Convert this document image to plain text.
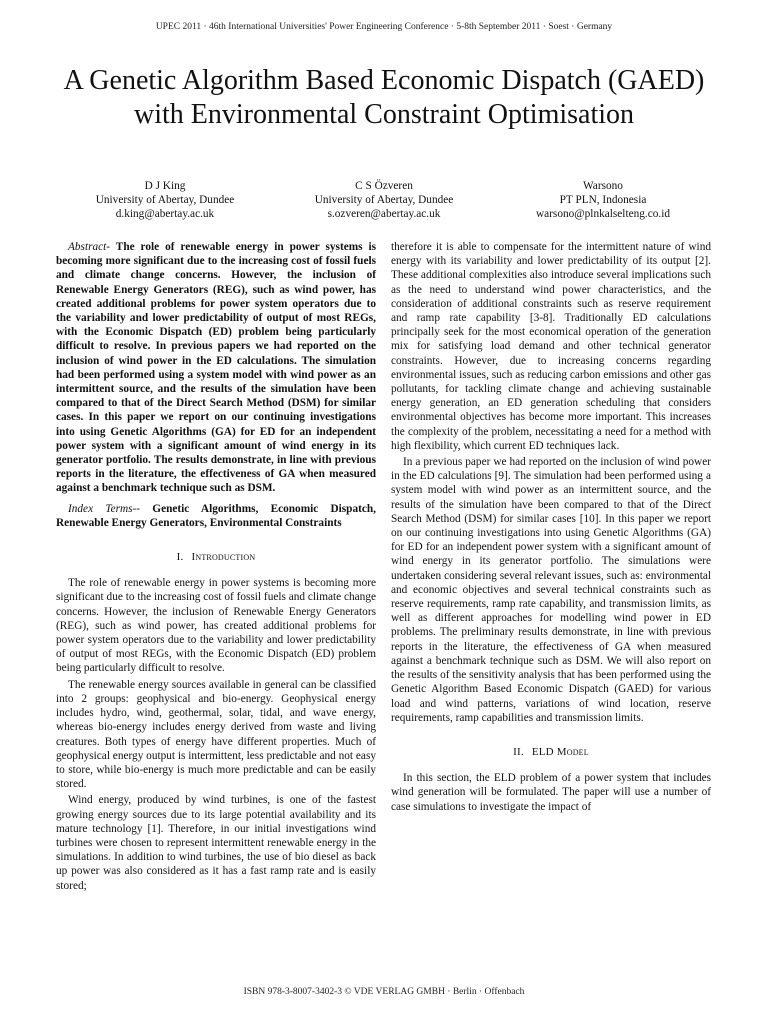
UPEC 2011 · 46th International Universities' Power Engineering Conference · 5-8th September 2011 · Soest · Germany
A Genetic Algorithm Based Economic Dispatch (GAED) with Environmental Constraint Optimisation
D J King
University of Abertay, Dundee
d.king@abertay.ac.uk
C S Özveren
University of Abertay, Dundee
s.ozveren@abertay.ac.uk
Warsono
PT PLN, Indonesia
warsono@plnkalselteng.co.id

Abstract- The role of renewable energy in power systems is becoming more significant due to the increasing cost of fossil fuels and climate change concerns. However, the inclusion of Renewable Energy Generators (REG), such as wind power, has created additional problems for power system operators due to the variability and lower predictability of output of most REGs, with the Economic Dispatch (ED) problem being particularly difficult to resolve. In previous papers we had reported on the inclusion of wind power in the ED calculations. The simulation had been performed using a system model with wind power as an intermittent source, and the results of the simulation have been compared to that of the Direct Search Method (DSM) for similar cases. In this paper we report on our continuing investigations into using Genetic Algorithms (GA) for ED for an independent power system with a significant amount of wind energy in its generator portfolio. The results demonstrate, in line with previous reports in the literature, the effectiveness of GA when measured against a benchmark technique such as DSM.

Index Terms-- Genetic Algorithms, Economic Dispatch, Renewable Energy Generators, Environmental Constraints

I. Introduction

The role of renewable energy in power systems is becoming more significant due to the increasing cost of fossil fuels and climate change concerns. However, the inclusion of Renewable Energy Generators (REG), such as wind power, has created additional problems for power system operators due to the variability and lower predictability of output of most REGs, with the Economic Dispatch (ED) problem being particularly difficult to resolve.

The renewable energy sources available in general can be classified into 2 groups: geophysical and bio-energy. Geophysical energy includes hydro, wind, geothermal, solar, tidal, and wave energy, whereas bio-energy includes energy derived from waste and living creatures. Both types of energy have different properties. Much of geophysical energy output is intermittent, less predictable and not easy to store, while bio-energy is much more predictable and can be easily stored.

Wind energy, produced by wind turbines, is one of the fastest growing energy sources due to its large potential availability and its mature technology [1]. Therefore, in our initial investigations wind turbines were chosen to represent intermittent renewable energy in the simulations. In addition to wind turbines, the use of bio diesel as back up power was also considered as it has a fast ramp rate and is easily stored;

therefore it is able to compensate for the intermittent nature of wind energy with its variability and lower predictability of its output [2]. These additional complexities also introduce several implications such as the need to understand wind power characteristics, and the consideration of additional constraints such as reserve requirement and ramp rate capability [3-8]. Traditionally ED calculations principally seek for the most economical operation of the generation mix for satisfying load demand and other technical generator constraints. However, due to increasing concerns regarding environmental issues, such as reducing carbon emissions and other gas pollutants, for tackling climate change and achieving sustainable energy generation, an ED generation scheduling that considers environmental objectives has become more important. This increases the complexity of the problem, necessitating a need for a method with high flexibility, which current ED techniques lack.

In a previous paper we had reported on the inclusion of wind power in the ED calculations [9]. The simulation had been performed using a system model with wind power as an intermittent source, and the results of the simulation have been compared to that of the Direct Search Method (DSM) for similar cases [10]. In this paper we report on our continuing investigations into using Genetic Algorithms (GA) for ED for an independent power system with a significant amount of wind energy in its generator portfolio. The simulations were undertaken considering several relevant issues, such as: environmental and economic objectives and several technical constraints such as reserve requirements, ramp rate capability, and transmission limits, as well as different approaches for modelling wind power in ED problems. The preliminary results demonstrate, in line with previous reports in the literature, the effectiveness of GA when measured against a benchmark technique such as DSM. We will also report on the results of the sensitivity analysis that has been performed using the Genetic Algorithm Based Economic Dispatch (GAED) for various load and wind patterns, variations of wind location, reserve requirements, ramp capabilities and transmission limits.

II. ELD Model

In this section, the ELD problem of a power system that includes wind generation will be formulated. The paper will use a number of case simulations to investigate the impact of

ISBN 978-3-8007-3402-3 © VDE VERLAG GMBH · Berlin · Offenbach
